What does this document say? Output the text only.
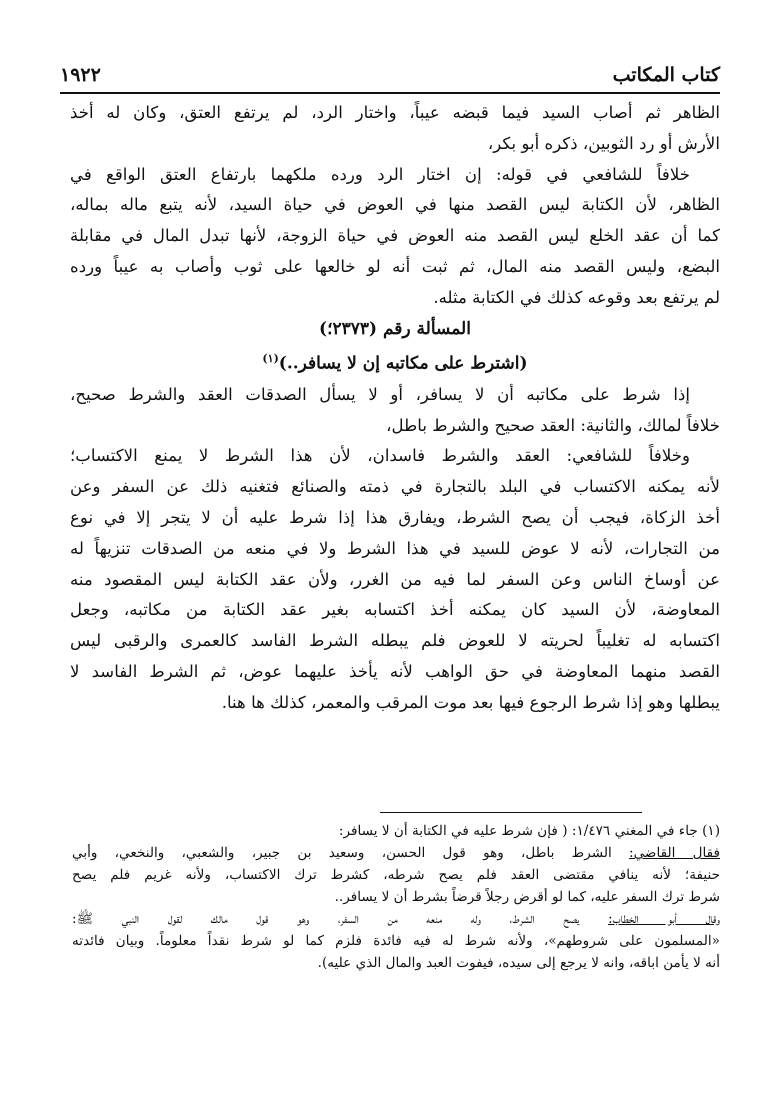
كتاب المكاتب
١٩٢٢

الظاهر ثم أصاب السيد فيما قبضه عيباً، واختار الرد، لم يرتفع العتق، وكان له أخذ

الأرش أو رد الثوبين، ذكره أبو بكر،

خلافاً للشافعي في قوله: إن اختار الرد ورده ملكهما بارتفاع العتق الواقع في

الظاهر، لأن الكتابة ليس القصد منها في العوض في حياة السيد، لأنه يتبع ماله بماله،

كما أن عقد الخلع ليس القصد منه العوض في حياة الزوجة، لأنها تبدل المال في مقابلة

البضع، وليس القصد منه المال، ثم ثبت أنه لو خالعها على ثوب وأصاب به عيباً ورده

لم يرتفع بعد وقوعه كذلك في الكتابة مثله.

المسألة رقم (٢٣٧٣؛)
(اشترط على مكاتبه إن لا يسافر..)$^{(١)}$

إذا شرط على مكاتبه أن لا يسافر، أو لا يسأل الصدقات العقد والشرط صحيح،

خلافاً لمالك، والثانية: العقد صحيح والشرط باطل،

وخلافاً للشافعي: العقد والشرط فاسدان، لأن هذا الشرط لا يمنع الاكتساب؛

لأنه يمكنه الاكتساب في البلد بالتجارة في ذمته والصنائع فتغنيه ذلك عن السفر وعن

أخذ الزكاة، فيجب أن يصح الشرط، ويفارق هذا إذا شرط عليه أن لا يتجر إلا في نوع

من التجارات، لأنه لا عوض للسيد في هذا الشرط ولا في منعه من الصدقات تنزيهاً له

عن أوساخ الناس وعن السفر لما فيه من الغرر، ولأن عقد الكتابة ليس المقصود منه

المعاوضة، لأن السيد كان يمكنه أخذ اكتسابه بغير عقد الكتابة من مكاتبه، وجعل

اكتسابه له تغليباً لحريته لا للعوض فلم يبطله الشرط الفاسد كالعمرى والرقبى ليس

القصد منهما المعاوضة في حق الواهب لأنه يأخذ عليهما عوض، ثم الشرط الفاسد لا

يبطلها وهو إذا شرط الرجوع فيها بعد موت المرقب والمعمر، كذلك ها هنا.

(١) جاء في المغني ١/٤٧٦: ( فإن شرط عليه في الكتابة أن لا يسافر:

فقال القاضي: الشرط باطل، وهو قول الحسن، وسعيد بن جبير، والشعبي، والنخعي، وأبي

حنيفة؛ لأنه ينافي مقتضى العقد فلم يصح شرطه، كشرط ترك الاكتساب، ولأنه غريم فلم يصح

شرط ترك السفر عليه، كما لو أقرض رجلاً قرضاً بشرط أن لا يسافر..

وقال أبو الخطاب: يصح الشرط، وله منعه من السفر، وهو قول مالك لقول النبي ﷺ:

«المسلمون على شروطهم»، ولأنه شرط له فيه فائدة فلزم كما لو شرط نقداً معلوماً. وبيان فائدته

أنه لا يأمن اباقه، وانه لا يرجع إلى سيده، فيفوت العبد والمال الذي عليه).
